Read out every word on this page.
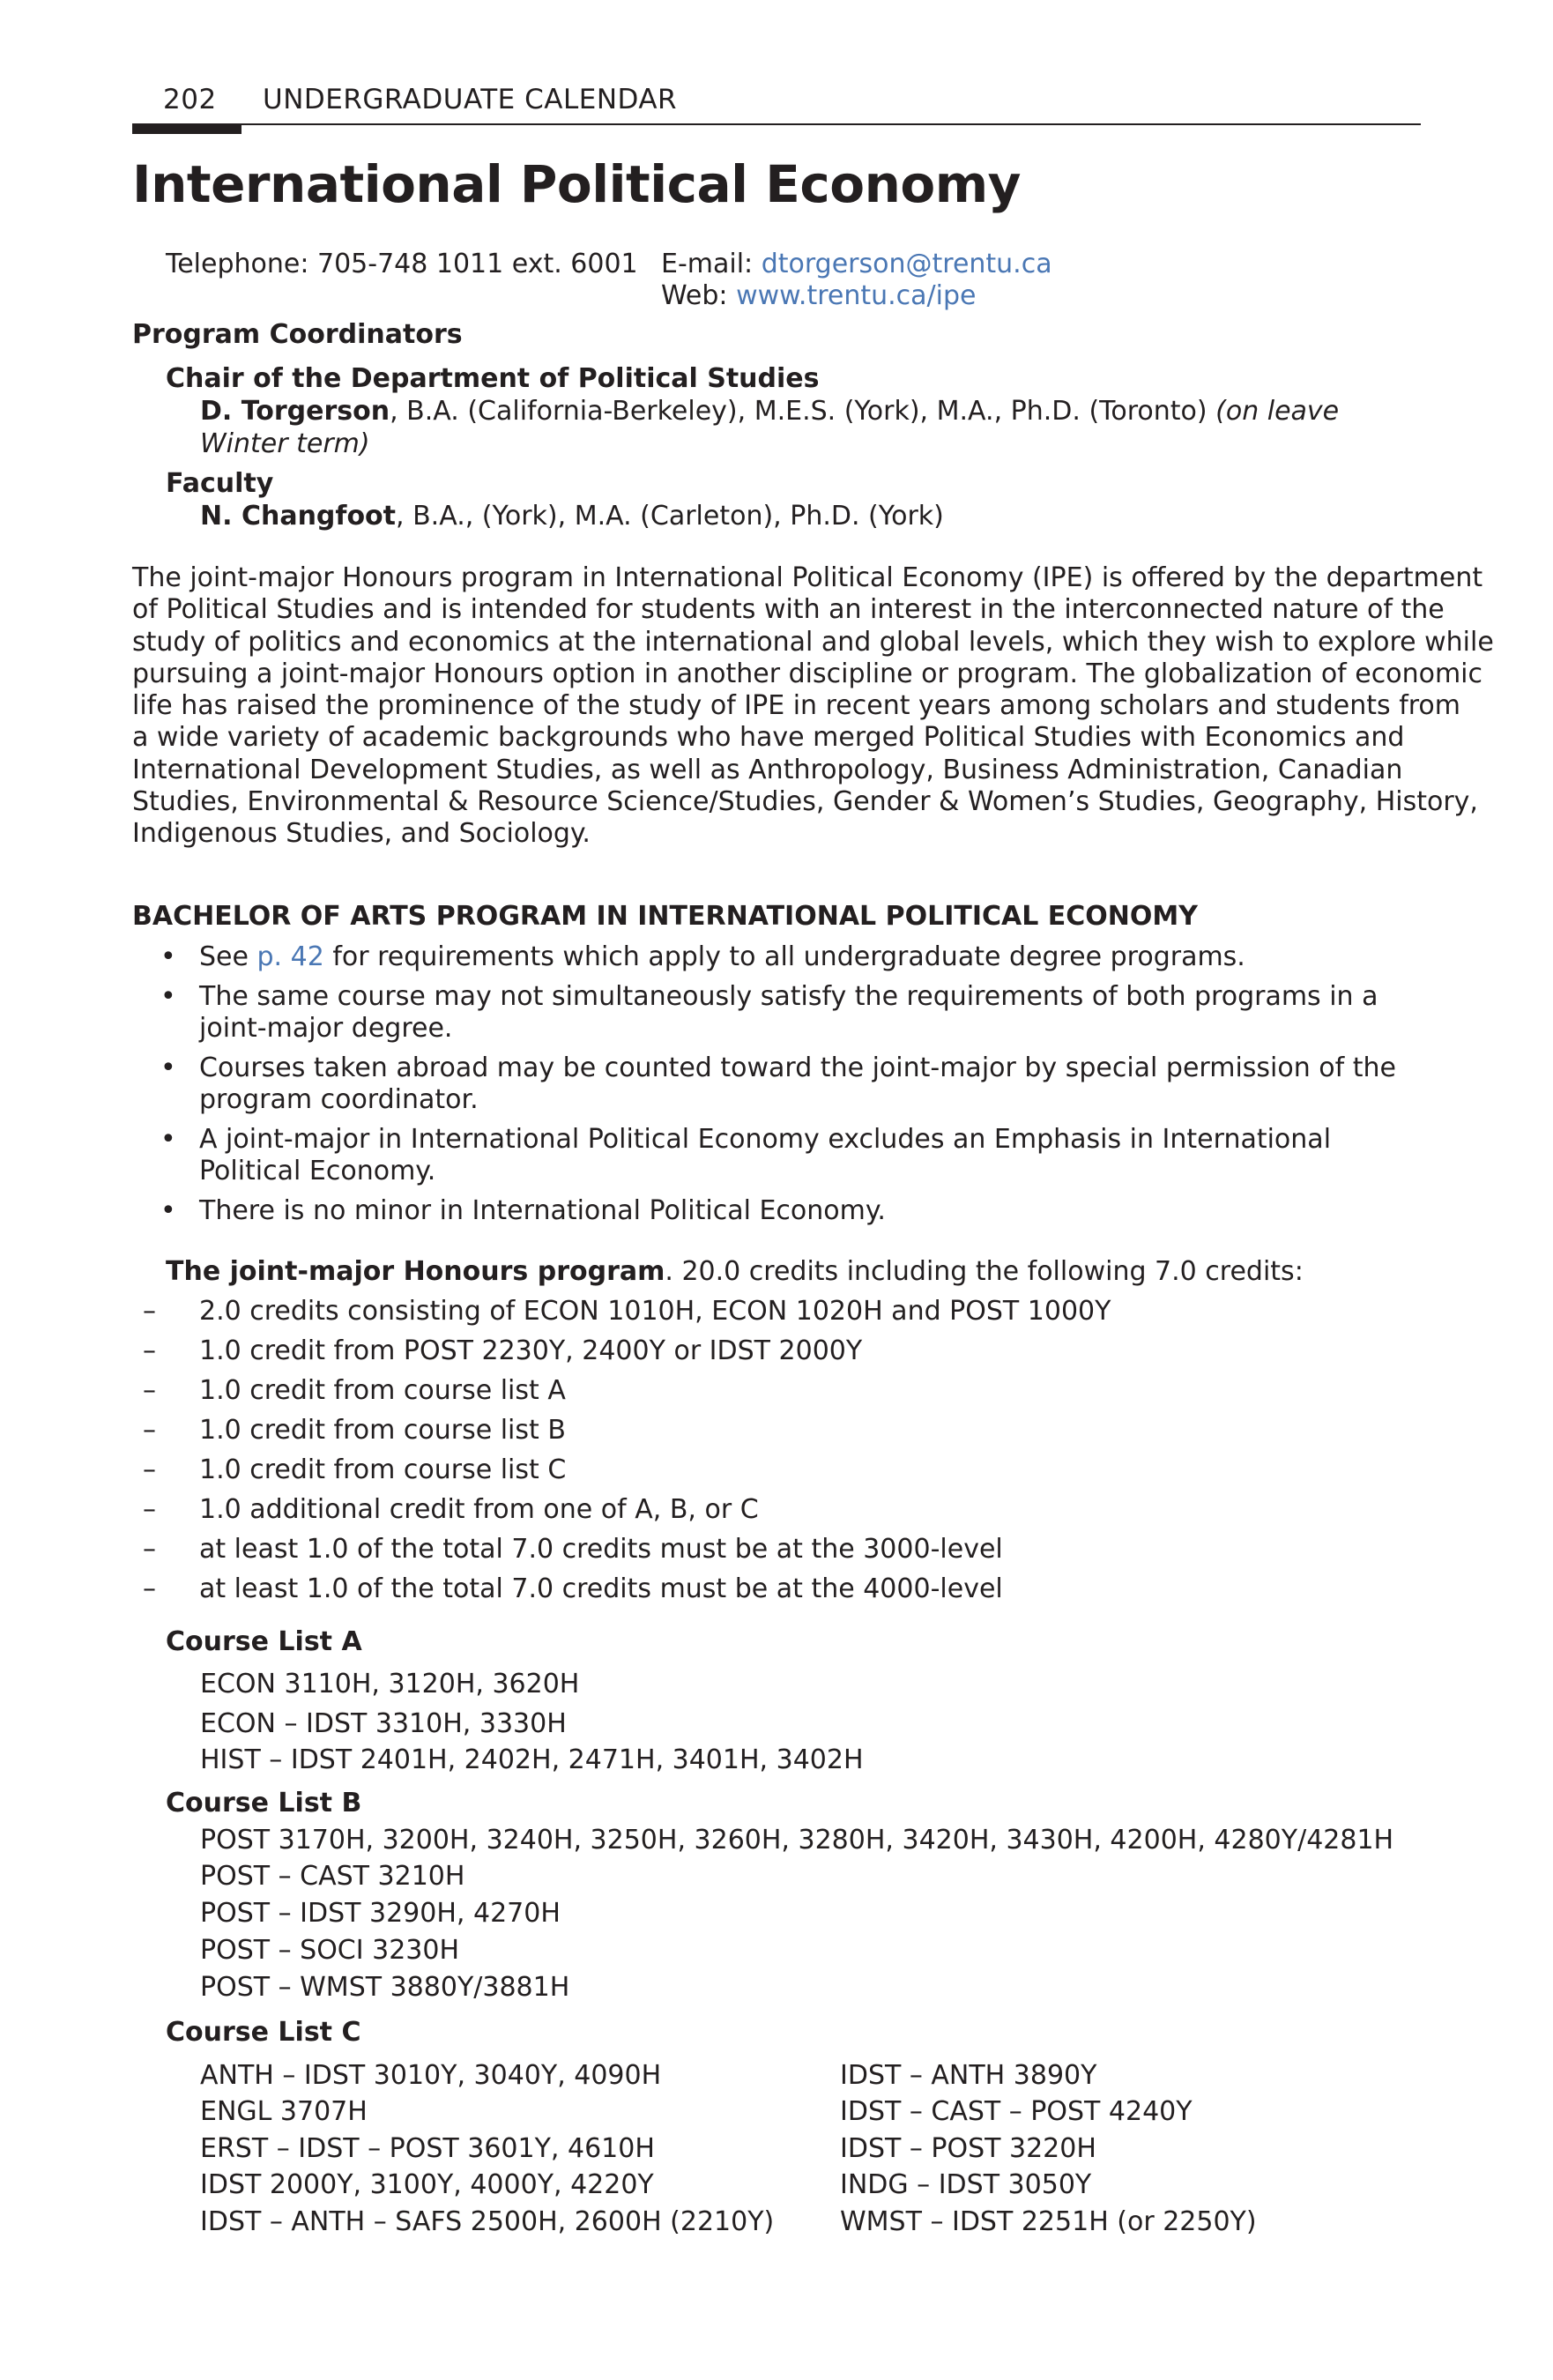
202 UNDERGRADUATE CALENDAR
International Political Economy
Telephone: 705-748 1011 ext. 6001 E-mail: dtorgerson@trentu.ca
Web: www.trentu.ca/ipe
Program Coordinators
Chair of the Department of Political Studies
D. Torgerson, B.A. (California-Berkeley), M.E.S. (York), M.A., Ph.D. (Toronto) (on leave Winter term)
Faculty
N. Changfoot, B.A., (York), M.A. (Carleton), Ph.D. (York)
The joint-major Honours program in International Political Economy (IPE) is offered by the department
of Political Studies and is intended for students with an interest in the interconnected nature of the
study of politics and economics at the international and global levels, which they wish to explore while
pursuing a joint-major Honours option in another discipline or program. The globalization of economic
life has raised the prominence of the study of IPE in recent years among scholars and students from
a wide variety of academic backgrounds who have merged Political Studies with Economics and
International Development Studies, as well as Anthropology, Business Administration, Canadian
Studies, Environmental & Resource Science/Studies, Gender & Women’s Studies, Geography, History,
Indigenous Studies, and Sociology.
BACHELOR OF ARTS PROGRAM IN INTERNATIONAL POLITICAL ECONOMY
• See p. 42 for requirements which apply to all undergraduate degree programs.
• The same course may not simultaneously satisfy the requirements of both programs in a joint-major degree.
• Courses taken abroad may be counted toward the joint-major by special permission of the program coordinator.
• A joint-major in International Political Economy excludes an Emphasis in International Political Economy.
• There is no minor in International Political Economy.
The joint-major Honours program. 20.0 credits including the following 7.0 credits:
– 2.0 credits consisting of ECON 1010H, ECON 1020H and POST 1000Y
– 1.0 credit from POST 2230Y, 2400Y or IDST 2000Y
– 1.0 credit from course list A
– 1.0 credit from course list B
– 1.0 credit from course list C
– 1.0 additional credit from one of A, B, or C
– at least 1.0 of the total 7.0 credits must be at the 3000-level
– at least 1.0 of the total 7.0 credits must be at the 4000-level
Course List A
ECON 3110H, 3120H, 3620H
ECON – IDST 3310H, 3330H
HIST – IDST 2401H, 2402H, 2471H, 3401H, 3402H
Course List B
POST 3170H, 3200H, 3240H, 3250H, 3260H, 3280H, 3420H, 3430H, 4200H, 4280Y/4281H
POST – CAST 3210H
POST – IDST 3290H, 4270H
POST – SOCI 3230H
POST – WMST 3880Y/3881H
Course List C
ANTH – IDST 3010Y, 3040Y, 4090H
ENGL 3707H
ERST – IDST – POST 3601Y, 4610H
IDST 2000Y, 3100Y, 4000Y, 4220Y
IDST – ANTH – SAFS 2500H, 2600H (2210Y)
IDST – ANTH 3890Y
IDST – CAST – POST 4240Y
IDST – POST 3220H
INDG – IDST 3050Y
WMST – IDST 2251H (or 2250Y)
